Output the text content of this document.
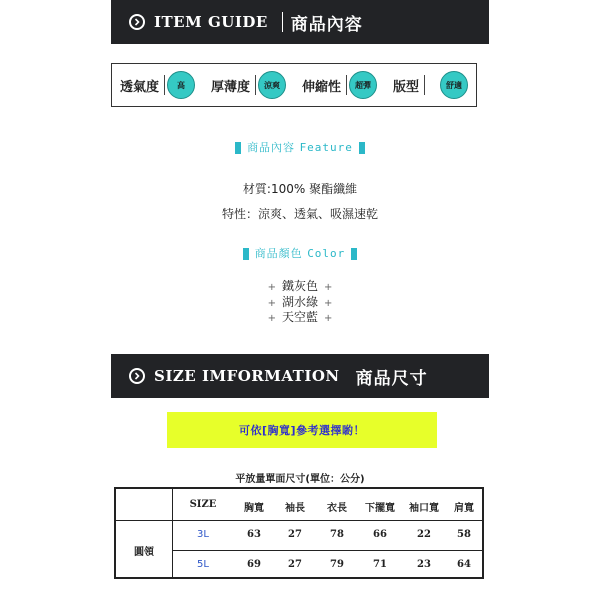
ITEM GUIDE 商品內容
透氣度	高	厚薄度	涼爽	伸縮性	超彈	版型	舒適
商品內容 Feature
材質:100% 聚酯纖維
特性：涼爽、透氣、吸濕速乾
商品顏色 Color
+ 鐵灰色 +
+ 湖水綠 +
+ 天空藍 +
SIZE IMFORMATION 商品尺寸
可依[胸寬]參考選擇喲！
平放量單面尺寸(單位：公分)
SIZE	胸寬	袖長	衣長	下擺寬	袖口寬	肩寬
圓領
3L	63	27	78	66	22	58
5L	69	27	79	71	23	64
